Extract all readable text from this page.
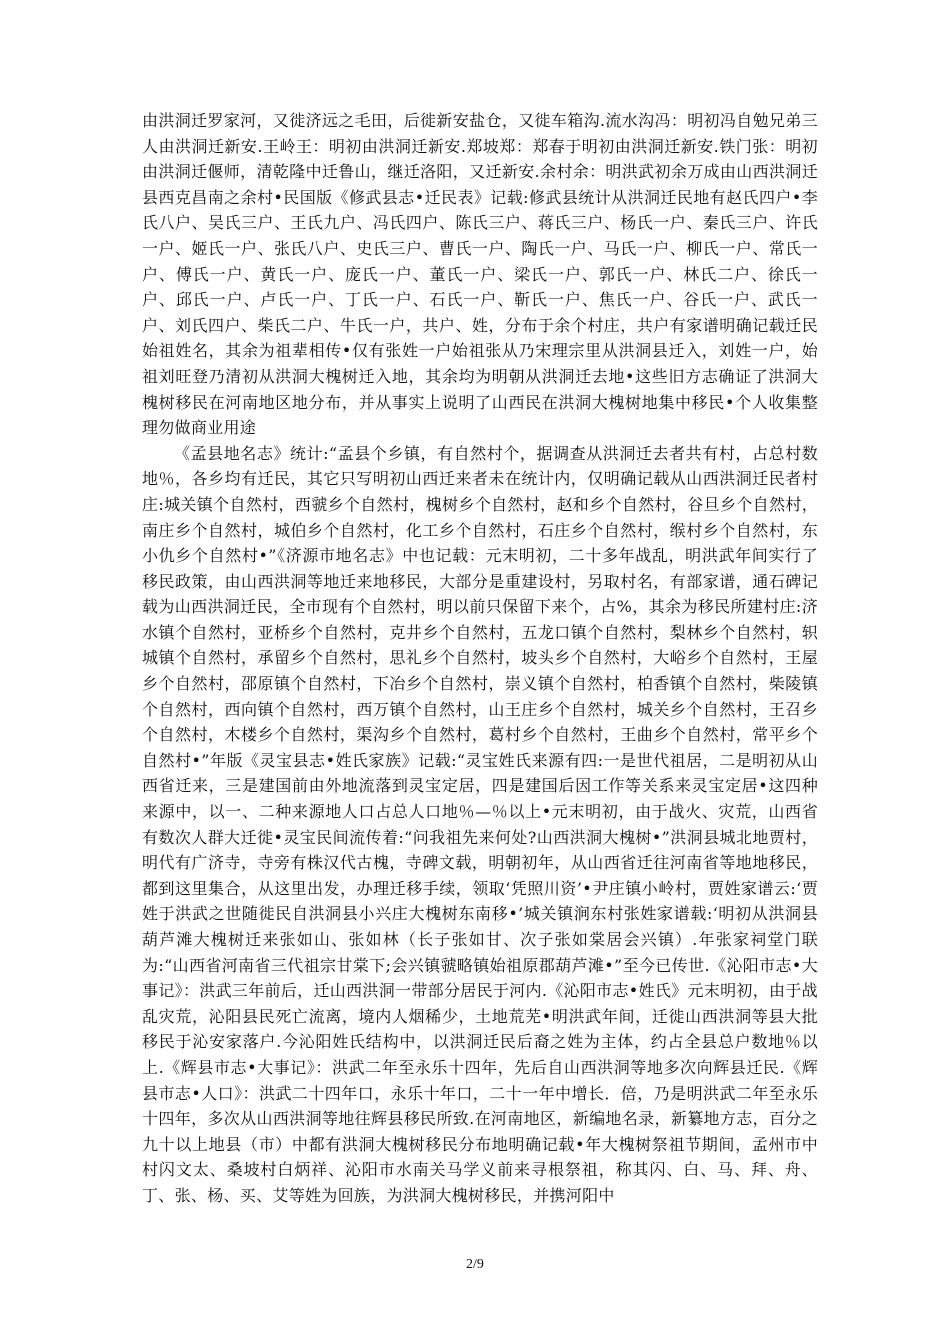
由洪洞迁罗家河，又徙济远之毛田，后徙新安盐仓，又徙车箱沟.流水沟冯：明初冯自勉兄弟三人由洪洞迁新安.王岭王：明初由洪洞迁新安.郑坡郑：郑春于明初由洪洞迁新安.铁门张：明初由洪洞迁偃师，清乾隆中迁鲁山，继迁洛阳，又迁新安.余村余：明洪武初余万成由山西洪洞迁县西克昌南之余村•民国版《修武县志•迁民表》记载:修武县统计从洪洞迁民地有赵氏四户•李氏八户、吴氏三户、王氏九户、冯氏四户、陈氏三户、蒋氏三户、杨氏一户、秦氏三户、许氏一户、姬氏一户、张氏八户、史氏三户、曹氏一户、陶氏一户、马氏一户、柳氏一户、常氏一户、傅氏一户、黄氏一户、庞氏一户、董氏一户、梁氏一户、郭氏一户、林氏二户、徐氏一户、邱氏一户、卢氏一户、丁氏一户、石氏一户、靳氏一户、焦氏一户、谷氏一户、武氏一户、刘氏四户、柴氏二户、牛氏一户，共户、姓，分布于余个村庄，共户有家谱明确记载迁民始祖姓名，其余为祖辈相传•仅有张姓一户始祖张从乃宋理宗里从洪洞县迁入，刘姓一户，始祖刘旺登乃清初从洪洞大槐树迁入地，其余均为明朝从洪洞迁去地•这些旧方志确证了洪洞大槐树移民在河南地区地分布，并从事实上说明了山西民在洪洞大槐树地集中移民•个人收集整理勿做商业用途

《孟县地名志》统计:“孟县个乡镇，有自然村个，据调查从洪洞迁去者共有村，占总村数地％，各乡均有迁民，其它只写明初山西迁来者未在统计内，仅明确记载从山西洪洞迁民者村庄:城关镇个自然村，西虢乡个自然村，槐树乡个自然村，赵和乡个自然村，谷旦乡个自然村，南庄乡个自然村，城伯乡个自然村，化工乡个自然村，石庄乡个自然村，缑村乡个自然村，东小仇乡个自然村•”《济源市地名志》中也记载：元末明初，二十多年战乱，明洪武年间实行了移民政策，由山西洪洞等地迁来地移民，大部分是重建设村，另取村名，有部家谱，通石碑记载为山西洪洞迁民，全市现有个自然村，明以前只保留下来个，占%，其余为移民所建村庄:济水镇个自然村，亚桥乡个自然村，克井乡个自然村，五龙口镇个自然村，梨林乡个自然村，轵城镇个自然村，承留乡个自然村，思礼乡个自然村，坡头乡个自然村，大峪乡个自然村，王屋乡个自然村，邵原镇个自然村，下冶乡个自然村，崇义镇个自然村，柏香镇个自然村，柴陵镇个自然村，西向镇个自然村，西万镇个自然村，山王庄乡个自然村，城关乡个自然村，王召乡个自然村，木楼乡个自然村，渠沟乡个自然村，葛村乡个自然村，王曲乡个自然村，常平乡个自然村•”年版《灵宝县志•姓氏家族》记载:“灵宝姓氏来源有四:一是世代祖居，二是明初从山西省迁来，三是建国前由外地流落到灵宝定居，四是建国后因工作等关系来灵宝定居•这四种来源中，以一、二种来源地人口占总人口地％—％以上•元末明初，由于战火、灾荒，山西省有数次人群大迁徙•灵宝民间流传着:“问我祖先来何处?山西洪洞大槐树•”洪洞县城北地贾村，明代有广济寺，寺旁有株汉代古槐，寺碑文载，明朝初年，从山西省迁往河南省等地地移民，都到这里集合，从这里出发，办理迁移手续，领取‘凭照川资’•尹庄镇小岭村，贾姓家谱云:‘贾姓于洪武之世随徙民自洪洞县小兴庄大槐树东南移•’城关镇涧东村张姓家谱载:‘明初从洪洞县葫芦滩大槐树迁来张如山、张如林（长子张如甘、次子张如棠居会兴镇）.年张家祠堂门联为:“山西省河南省三代祖宗甘棠下;会兴镇虢略镇始祖原郡葫芦滩•”至今已传世.《沁阳市志•大事记》：洪武三年前后，迁山西洪洞一带部分居民于河内.《沁阳市志•姓氏》元末明初，由于战乱灾荒，沁阳县民死亡流离，境内人烟稀少，土地荒芜•明洪武年间，迁徙山西洪洞等县大批移民于沁安家落户.今沁阳姓氏结构中，以洪洞迁民后裔之姓为主体，约占全县总户数地％以上.《辉县市志•大事记》：洪武二年至永乐十四年，先后自山西洪洞等地多次向辉县迁民.《辉县市志•人口》：洪武二十四年口，永乐十年口，二十一年中增长．倍，乃是明洪武二年至永乐十四年，多次从山西洪洞等地往辉县移民所致.在河南地区，新编地名录，新纂地方志，百分之九十以上地县（市）中都有洪洞大槐树移民分布地明确记载•年大槐树祭祖节期间，孟州市中村闪文太、桑坡村白炳祥、沁阳市水南关马学义前来寻根祭祖，称其闪、白、马、拜、舟、丁、张、杨、买、艾等姓为回族，为洪洞大槐树移民，并携河阳中

2/9
